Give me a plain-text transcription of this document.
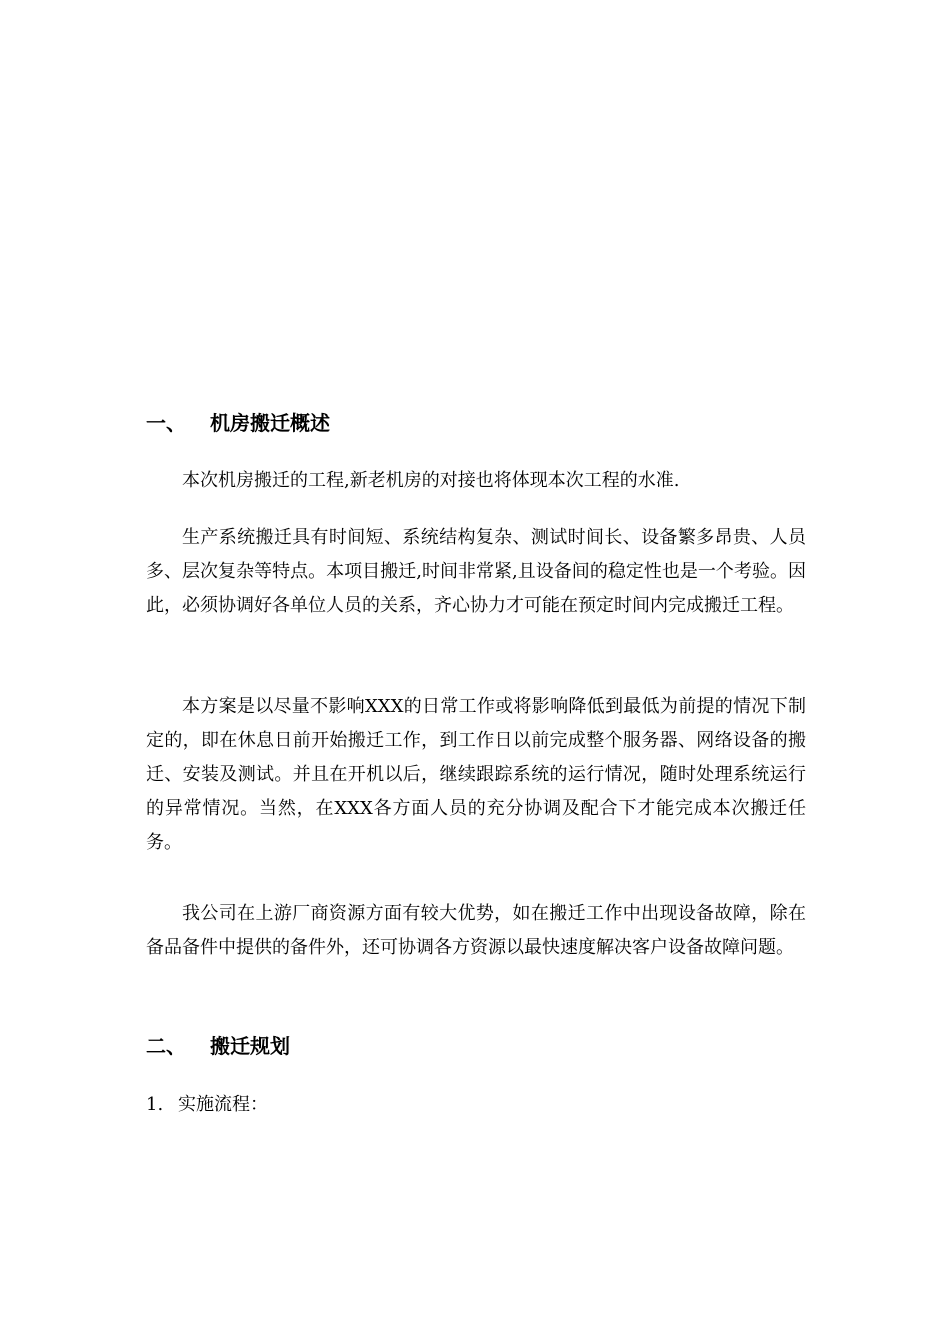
一、 机房搬迁概述

本次机房搬迁的工程,新老机房的对接也将体现本次工程的水准.

生产系统搬迁具有时间短、系统结构复杂、测试时间长、设备繁多昂贵、人员多、层次复杂等特点。本项目搬迁,时间非常紧,且设备间的稳定性也是一个考验。因此，必须协调好各单位人员的关系，齐心协力才可能在预定时间内完成搬迁工程。

本方案是以尽量不影响XXX的日常工作或将影响降低到最低为前提的情况下制定的，即在休息日前开始搬迁工作，到工作日以前完成整个服务器、网络设备的搬迁、安装及测试。并且在开机以后，继续跟踪系统的运行情况，随时处理系统运行的异常情况。当然，在XXX各方面人员的充分协调及配合下才能完成本次搬迁任务。

我公司在上游厂商资源方面有较大优势，如在搬迁工作中出现设备故障，除在备品备件中提供的备件外，还可协调各方资源以最快速度解决客户设备故障问题。

二、 搬迁规划
1. 实施流程：
